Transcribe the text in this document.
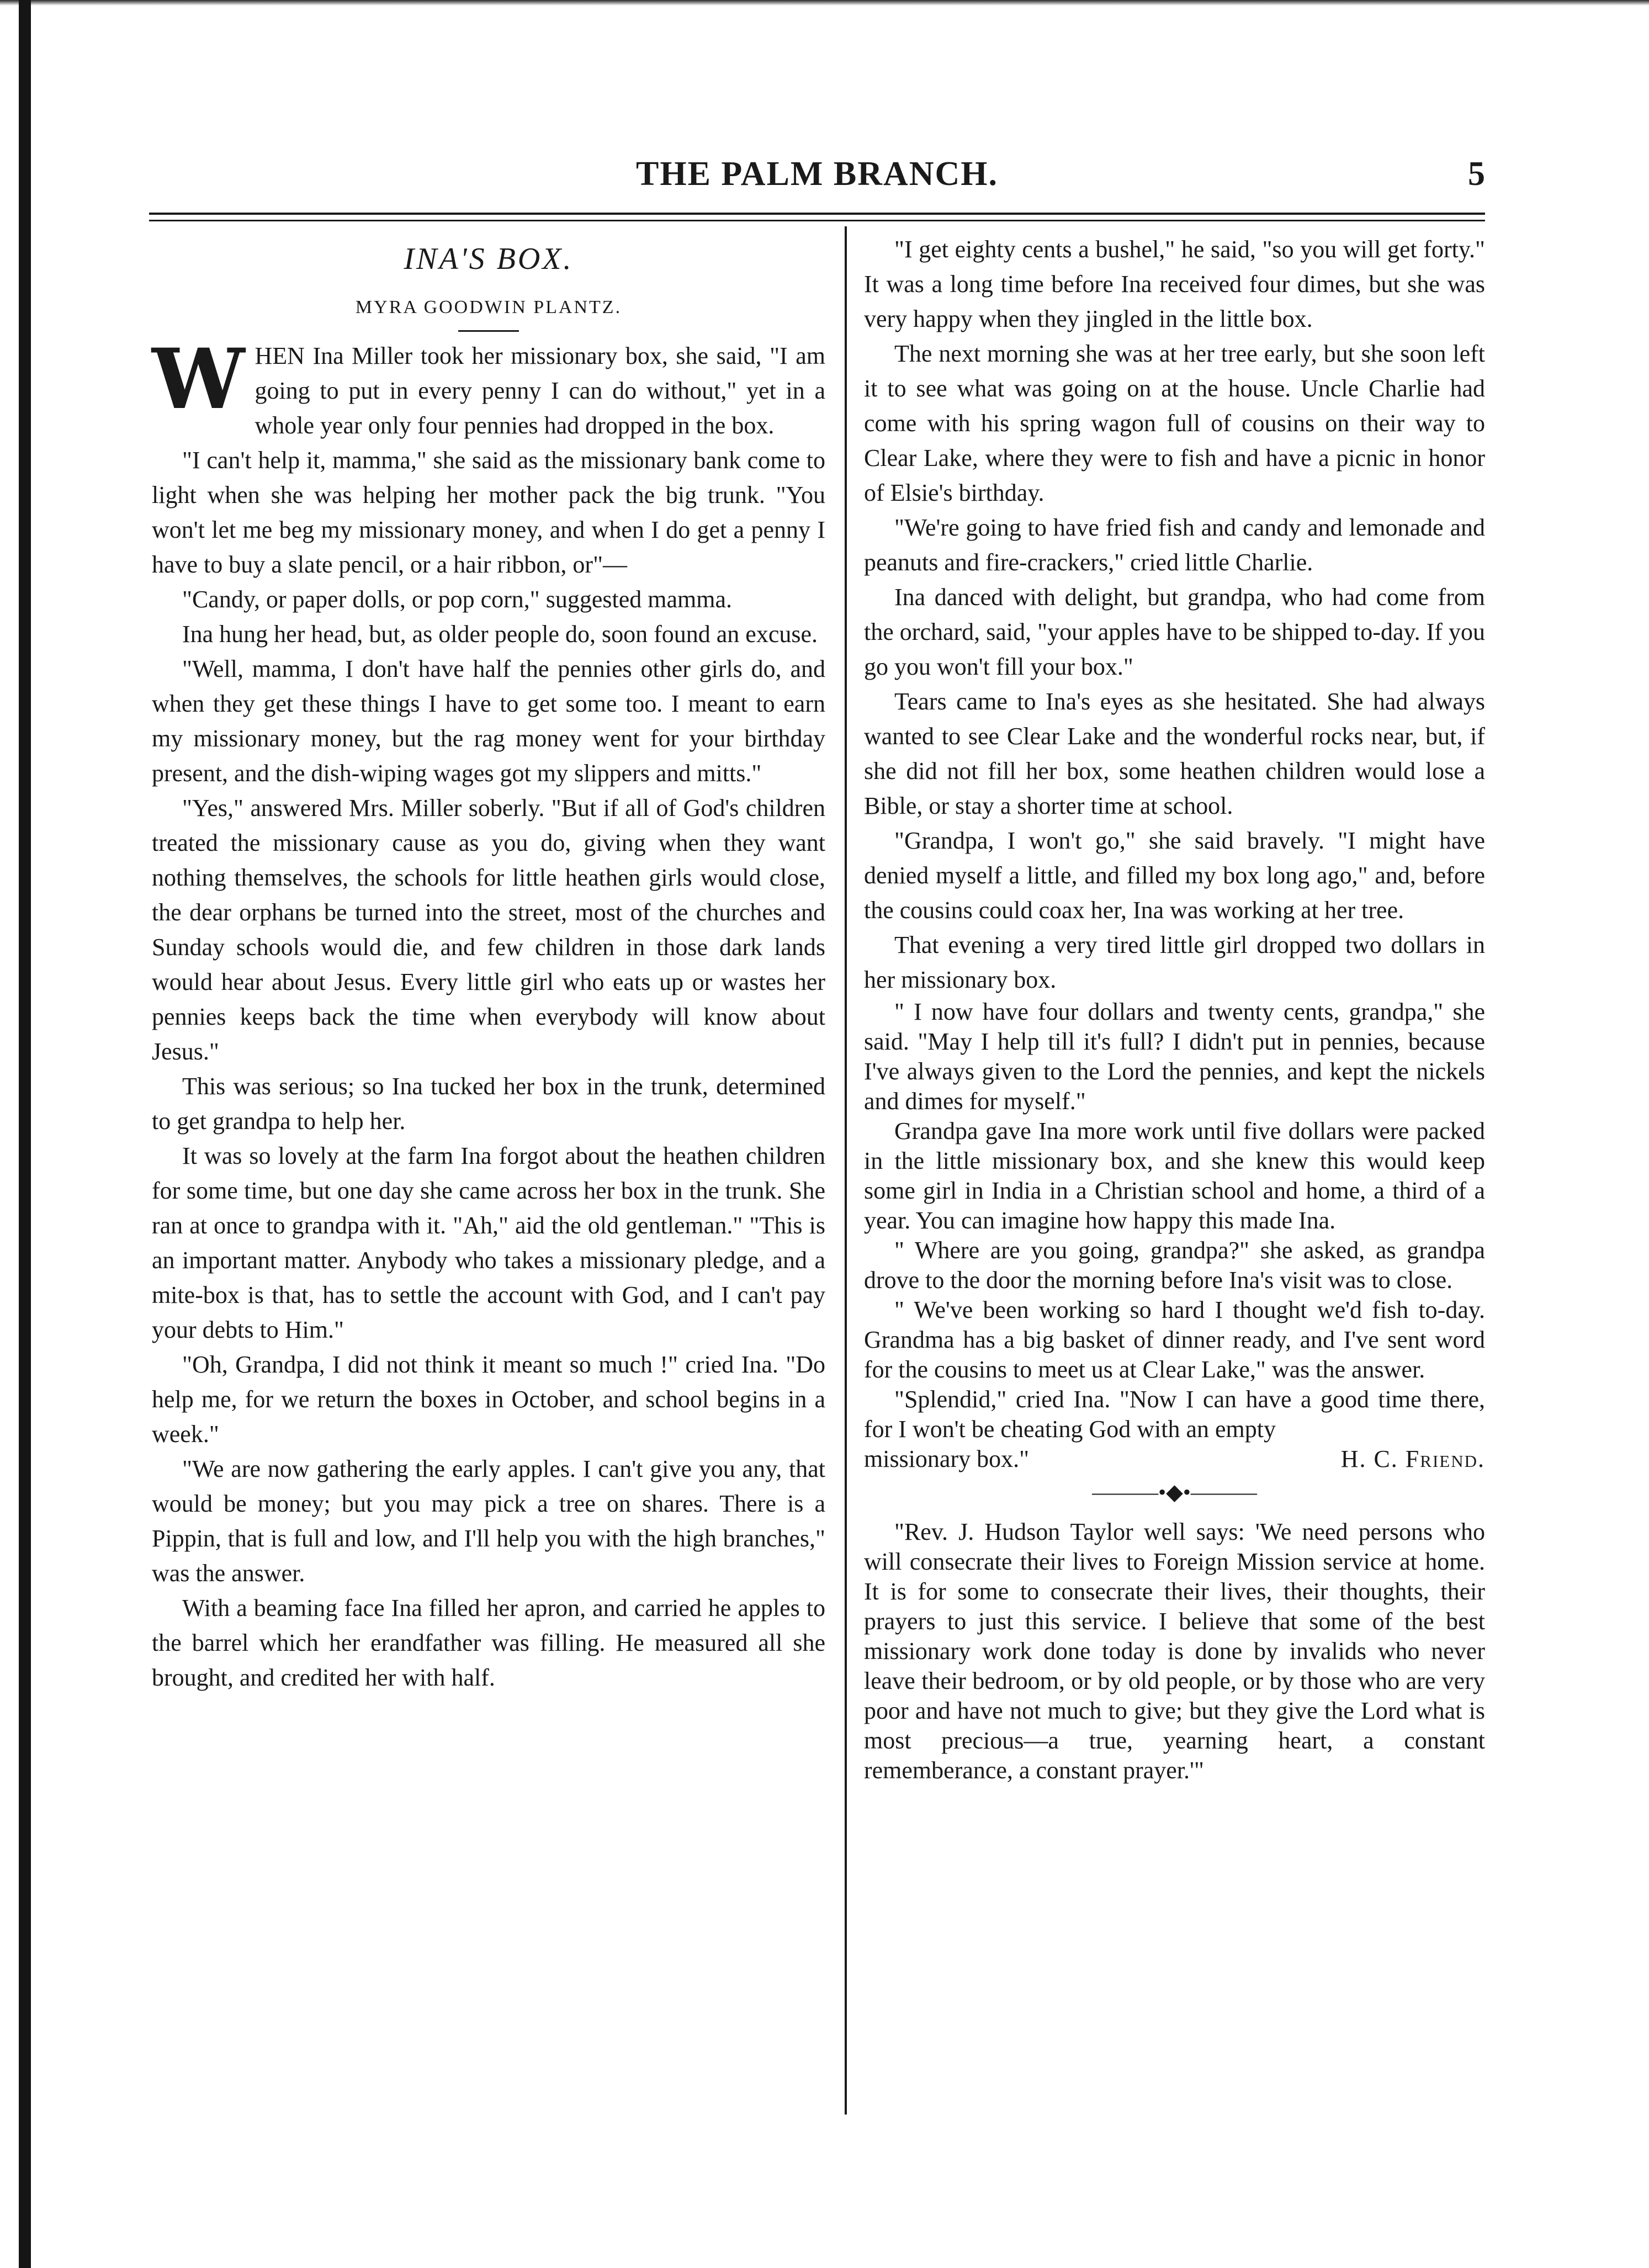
THE PALM BRANCH.	5
INA'S BOX.
MYRA GOODWIN PLANTZ.
W HEN Ina Miller took her missionary box, she said, "I am going to put in every penny I can do without," yet in a whole year only four pennies had dropped in the box.

"I can't help it, mamma," she said as the missionary bank come to light when she was helping her mother pack the big trunk. "You won't let me beg my missionary money, and when I do get a penny I have to buy a slate pencil, or a hair ribbon, or"—

"Candy, or paper dolls, or pop corn," suggested mamma.

Ina hung her head, but, as older people do, soon found an excuse.

"Well, mamma, I don't have half the pennies other girls do, and when they get these things I have to get some too. I meant to earn my missionary money, but the rag money went for your birthday present, and the dish-wiping wages got my slippers and mitts."

"Yes," answered Mrs. Miller soberly. "But if all of God's children treated the missionary cause as you do, giving when they want nothing themselves, the schools for little heathen girls would close, the dear orphans be turned into the street, most of the churches and Sunday schools would die, and few children in those dark lands would hear about Jesus. Every little girl who eats up or wastes her pennies keeps back the time when everybody will know about Jesus."

This was serious; so Ina tucked her box in the trunk, determined to get grandpa to help her.

It was so lovely at the farm Ina forgot about the heathen children for some time, but one day she came across her box in the trunk. She ran at once to grandpa with it. "Ah," aid the old gentleman." "This is an important matter. Anybody who takes a missionary pledge, and a mite-box is that, has to settle the account with God, and I can't pay your debts to Him."

"Oh, Grandpa, I did not think it meant so much !" cried Ina. "Do help me, for we return the boxes in October, and school begins in a week."

"We are now gathering the early apples. I can't give you any, that would be money; but you may pick a tree on shares. There is a Pippin, that is full and low, and I'll help you with the high branches," was the answer.

With a beaming face Ina filled her apron, and carried he apples to the barrel which her erandfather was filling. He measured all she brought, and credited her with half.

"I get eighty cents a bushel," he said, "so you will get forty." It was a long time before Ina received four dimes, but she was very happy when they jingled in the little box.

The next morning she was at her tree early, but she soon left it to see what was going on at the house. Uncle Charlie had come with his spring wagon full of cousins on their way to Clear Lake, where they were to fish and have a picnic in honor of Elsie's birthday.

"We're going to have fried fish and candy and lemonade and peanuts and fire-crackers," cried little Charlie.

Ina danced with delight, but grandpa, who had come from the orchard, said, "your apples have to be shipped to-day. If you go you won't fill your box."

Tears came to Ina's eyes as she hesitated. She had always wanted to see Clear Lake and the wonderful rocks near, but, if she did not fill her box, some heathen children would lose a Bible, or stay a shorter time at school.

"Grandpa, I won't go," she said bravely. "I might have denied myself a little, and filled my box long ago," and, before the cousins could coax her, Ina was working at her tree.

That evening a very tired little girl dropped two dollars in her missionary box.

" I now have four dollars and twenty cents, grandpa," she said. "May I help till it's full? I didn't put in pennies, because I've always given to the Lord the pennies, and kept the nickels and dimes for myself."

Grandpa gave Ina more work until five dollars were packed in the little missionary box, and she knew this would keep some girl in India in a Christian school and home, a third of a year. You can imagine how happy this made Ina.

" Where are you going, grandpa?" she asked, as grandpa drove to the door the morning before Ina's visit was to close.

" We've been working so hard I thought we'd fish to-day. Grandma has a big basket of dinner ready, and I've sent word for the cousins to meet us at Clear Lake," was the answer.

"Splendid," cried Ina. "Now I can have a good time there, for I won't be cheating God with an empty

missionary box."	H. C. Friend.
———•◆•———

"Rev. J. Hudson Taylor well says: 'We need persons who will consecrate their lives to Foreign Mission service at home. It is for some to consecrate their lives, their thoughts, their prayers to just this service. I believe that some of the best missionary work done today is done by invalids who never leave their bedroom, or by old people, or by those who are very poor and have not much to give; but they give the Lord what is most precious—a true, yearning heart, a constant rememberance, a constant prayer.'"
